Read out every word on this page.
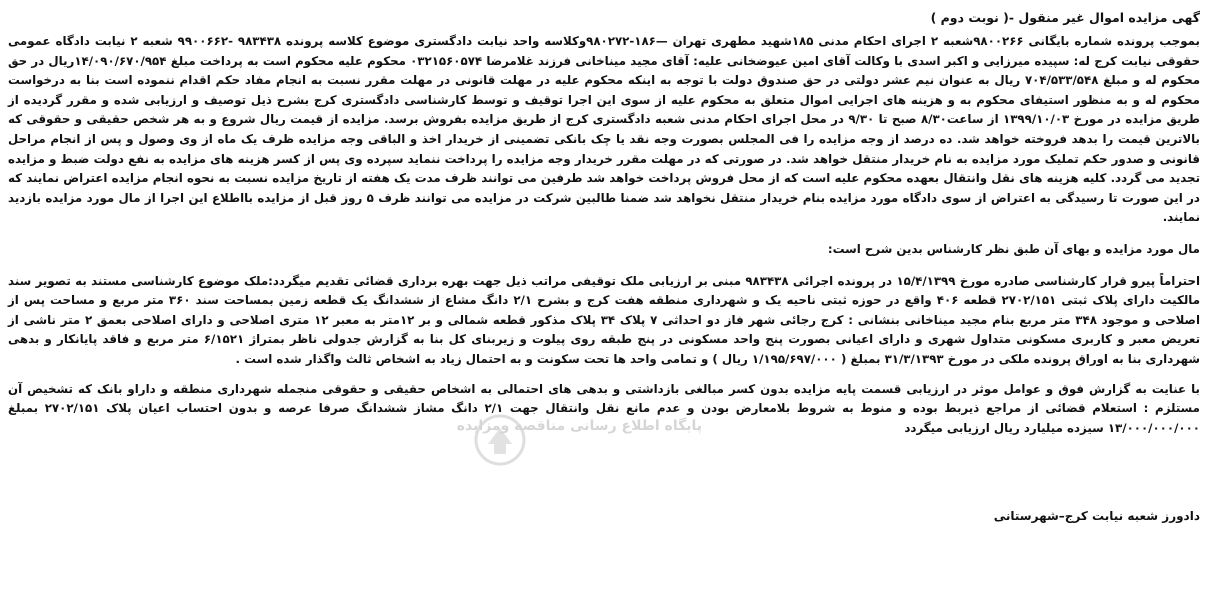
گهی مزایده اموال غیر منقول -( نوبت دوم )

بموجب پرونده شماره بایگانی ۹۸۰۰۲۶۶شعبه ۲ اجرای احکام مدنی ۱۸۵شهید مطهری تهران —۱۸۶-۹۸۰۲۷۲وکلاسه واحد نیابت دادگستری موضوع کلاسه پرونده ۹۸۳۴۳۸ -۹۹۰۰۶۶۲ شعبه ۲ نیابت دادگاه عمومی حقوقی نیابت کرج له: سپیده میرزایی و اکبر اسدی با وکالت آقای امین عیوضخانی علیه: آقای مجید میناخانی فرزند غلامرضا ۰۳۲۱۵۶۰۵۷۴ محکوم علیه محکوم است به پرداخت مبلغ ۱۴/۰۹۰/۶۷۰/۹۵۴ریال در حق محکوم له و مبلغ ۷۰۴/۵۳۳/۵۴۸ ریال به عنوان نیم عشر دولتی در حق صندوق دولت با توجه به اینکه محکوم علیه در مهلت قانونی در مهلت مقرر نسبت به انجام مفاد حکم اقدام ننموده است بنا به درخواست محکوم له و به منظور استیفای محکوم به و هزینه های اجرایی اموال متعلق به محکوم علیه از سوی این اجرا توقیف و توسط کارشناسی دادگستری کرج بشرح ذیل توصیف و ارزیابی شده و مقرر گردیده از طریق مزایده در مورخ ۱۳۹۹/۱۰/۰۳ از ساعت۸/۳۰ صبح تا ۹/۳۰ در محل اجرای احکام مدنی شعبه دادگستری کرج از طریق مزایده بفروش برسد. مزایده از قیمت ریال شروع و به هر شخص حقیقی و حقوقی که بالاترین قیمت را بدهد فروخته خواهد شد. ده درصد از وجه مزایده را فی المجلس بصورت وجه نقد یا چک بانکی تضمینی از خریدار اخذ و الباقی وجه مزایده ظرف یک ماه از وی وصول و پس از انجام مراحل قانونی و صدور حکم تملیک مورد مزایده به نام خریدار منتقل خواهد شد. در صورتی که در مهلت مقرر خریدار وجه مزایده را پرداخت ننماید سپرده وی پس از کسر هزینه های مزایده به نفع دولت ضبط و مزایده تجدید می گردد. کلیه هزینه های نقل وانتقال بعهده محکوم علیه است که از محل فروش پرداخت خواهد شد طرفین می توانند ظرف مدت یک هفته از تاریخ مزایده نسبت به نحوه انجام مزایده اعتراض نمایند که در این صورت تا رسیدگی به اعتراض از سوی دادگاه مورد مزایده بنام خریدار منتقل نخواهد شد ضمنا طالبین شرکت در مزایده می توانند ظرف ۵ روز قبل از مزایده بااطلاع این اجرا از مال مورد مزایده بازدید نمایند.

مال مورد مزایده و بهای آن طبق نظر کارشناس بدین شرح است:

احتراماً پیرو قرار کارشناسی صادره مورخ ۱۵/۴/۱۳۹۹ در پرونده اجرائی ۹۸۳۴۳۸ مبنی بر ارزیابی ملک توقیفی مراتب ذیل جهت بهره برداری قضائی تقدیم میگردد:ملک موضوع کارشناسی مستند به تصویر سند مالکیت دارای پلاک ثبتی ۲۷۰۲/۱۵۱ قطعه ۴۰۶ واقع در حوزه ثبتی ناحیه یک و شهرداری منطقه هفت کرج و بشرح ۲/۱ دانگ مشاع از ششدانگ یک قطعه زمین بمساحت سند ۳۶۰ متر مربع و مساحت پس از اصلاحی و موجود ۳۴۸ متر مربع بنام مجید میناخانی بنشانی : کرج رجائی شهر فاز دو احداثی ۷ پلاک ۳۴ پلاک مذکور قطعه شمالی و بر ۱۲متر به معبر ۱۲ متری اصلاحی و دارای اصلاحی بعمق ۲ متر ناشی از تعریض معبر و کاربری مسکونی متداول شهری و دارای اعیانی بصورت پنج واحد مسکونی در پنج طبقه روی پیلوت و زیربنای کل بنا به گزارش جدولی ناظر بمتراژ ۶/۱۵۲۱ متر مربع و فاقد پایانکار و بدهی شهرداری بنا به اوراق پرونده ملکی در مورخ ۳۱/۳/۱۳۹۳ بمبلغ ( ۱/۱۹۵/۶۹۷/۰۰۰ ریال ) و تمامی واحد ها تحت سکونت و به احتمال زیاد به اشخاص ثالث واگذار شده است .

با عنایت به گزارش فوق و عوامل موثر در ارزیابی قسمت پایه مزایده بدون کسر مبالغی بازداشتی و بدهی های احتمالی به اشخاص حقیقی و حقوقی منجمله شهرداری منطقه و داراو بانک که تشخیص آن مستلزم : استعلام قضائی از مراجع ذیربط بوده و منوط به شروط بلامعارض بودن و عدم مانع نقل وانتقال جهت ۲/۱ دانگ مشاز ششدانگ صرفا عرصه و بدون احتساب اعیان پلاک ۲۷۰۲/۱۵۱ بمبلغ ۱۳/۰۰۰/۰۰۰/۰۰۰ سیزده میلیارد ریال ارزیابی میگردد

دادورز شعبه نیابت کرج–شهرستانی
پایگاه اطلاع رسانی مناقصه ومزایده
